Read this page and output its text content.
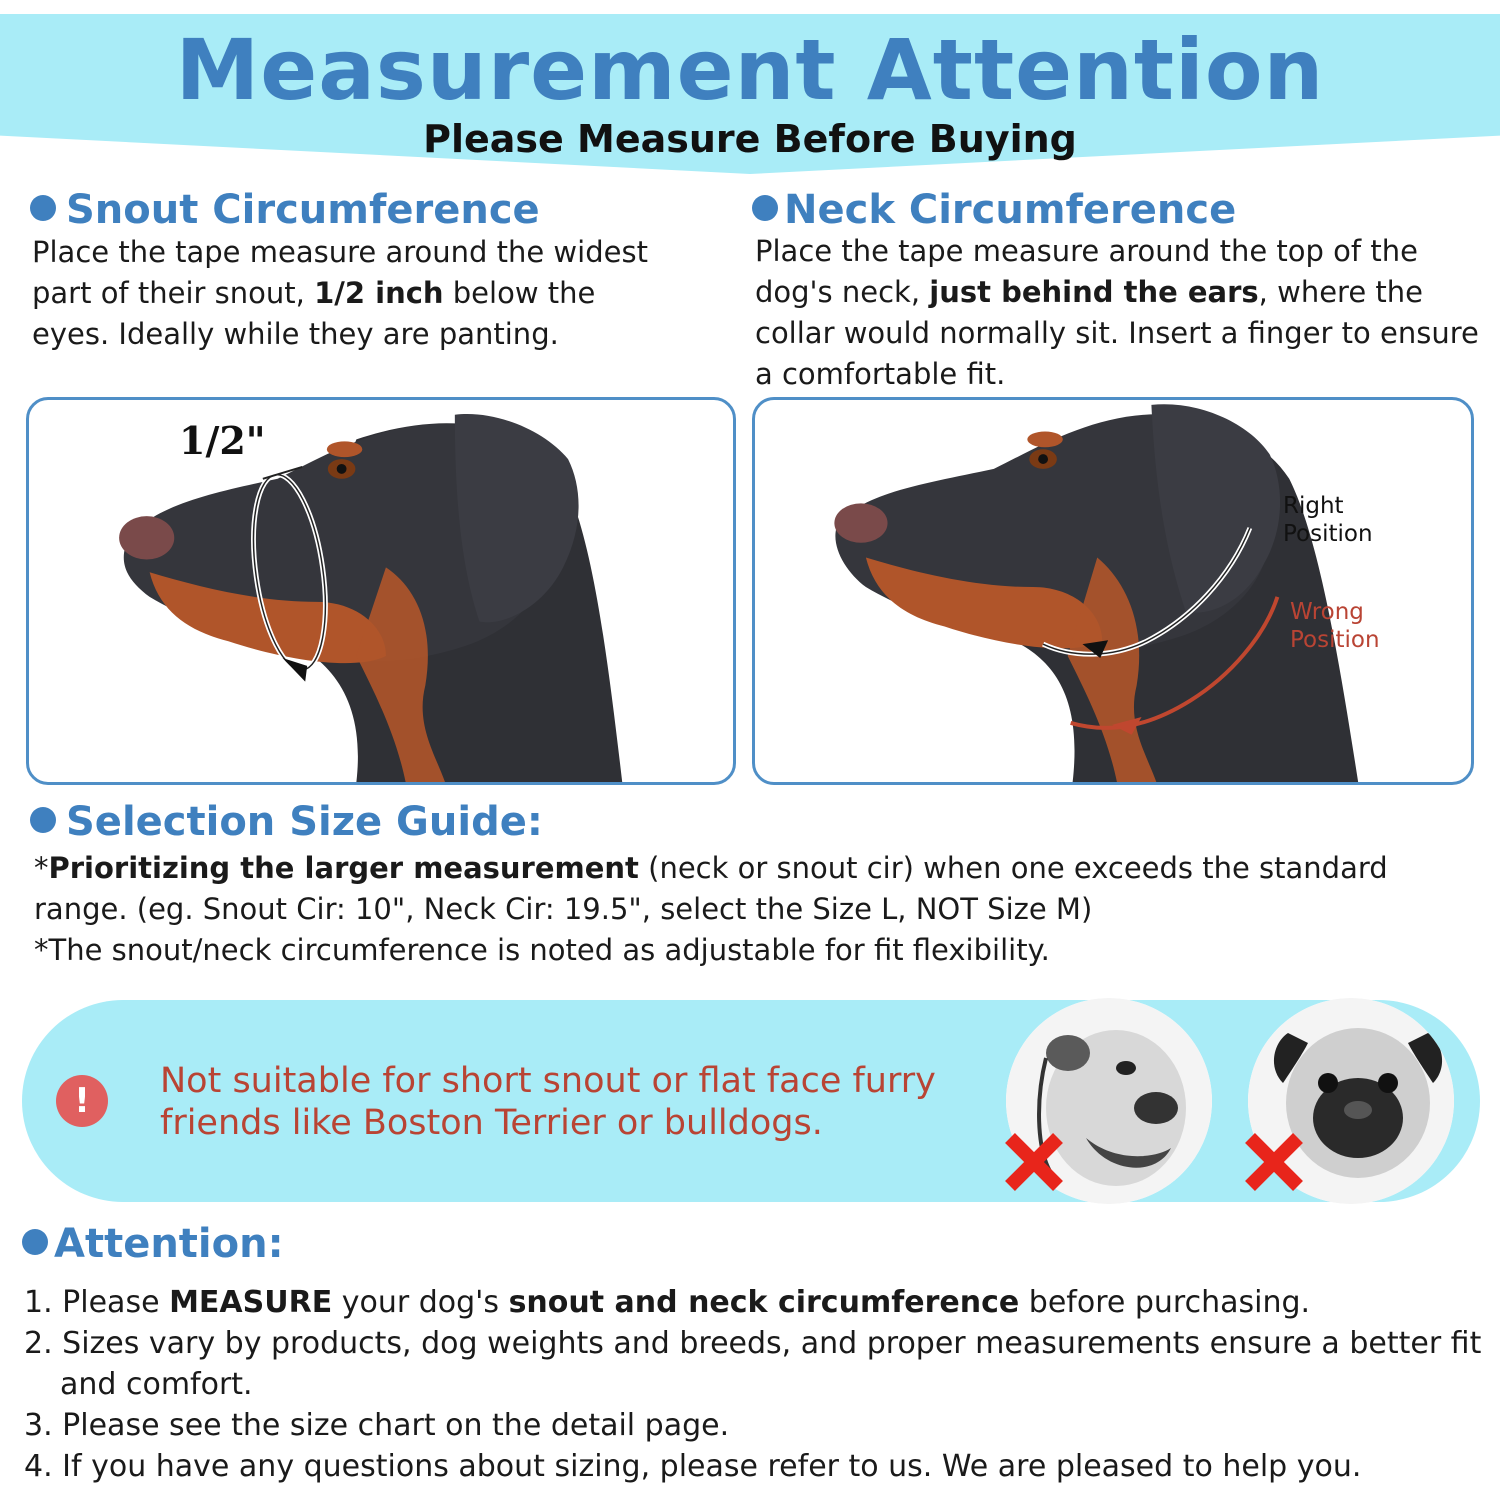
Measurement Attention
Please Measure Before Buying
Snout Circumference

Place the tape measure around the widest part of their snout, 1/2 inch below the eyes. Ideally while they are panting.

Neck Circumference

Place the tape measure around the top of the dog's neck, just behind the ears, where the collar would normally sit. Insert a finger to ensure a comfortable fit.

1/2"
Right
Position
Wrong
Position
Selection Size Guide:

*Prioritizing the larger measurement (neck or snout cir) when one exceeds the standard range. (eg. Snout Cir: 10", Neck Cir: 19.5", select the Size L, NOT Size M)

*The snout/neck circumference is noted as adjustable for fit flexibility.

!	Not suitable for short snout or flat face furry
friends like Boston Terrier or bulldogs.
Attention:
1. Please MEASURE your dog's snout and neck circumference before purchasing.
2. Sizes vary by products, dog weights and breeds, and proper measurements ensure a better fit and comfort.
3. Please see the size chart on the detail page.
4. If you have any questions about sizing, please refer to us. We are pleased to help you.
